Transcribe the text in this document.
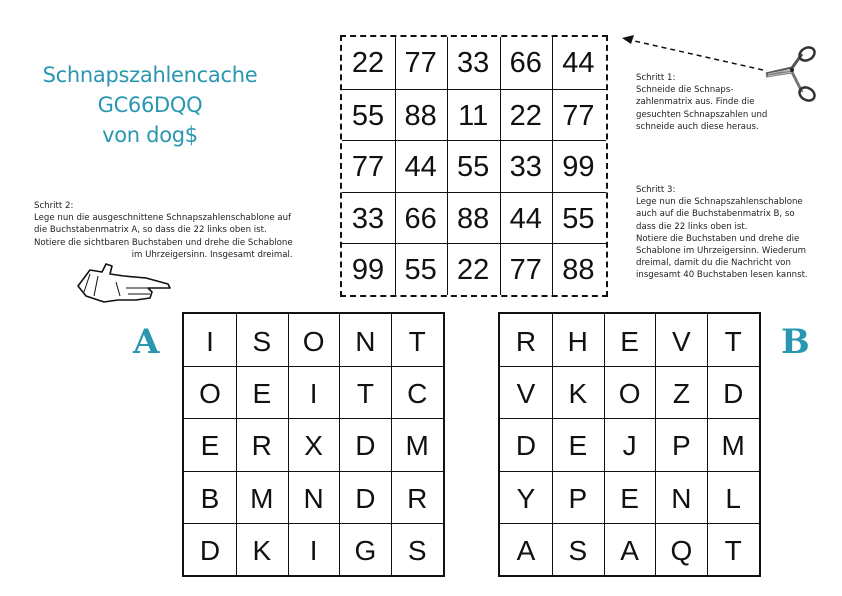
Schnapszahlencache
GC66DQQ
von dog$
Schritt 1:
Schneide die Schnaps-
zahlenmatrix aus. Finde die
gesuchten Schnapszahlen und
schneide auch diese heraus.
Schritt 2:
Lege nun die ausgeschnittene Schnapszahlenschablone auf
die Buchstabenmatrix A, so dass die 22 links oben ist.
Notiere die sichtbaren Buchstaben und drehe die Schablone
im Uhrzeigersinn. Insgesamt dreimal.
Schritt 3:
Lege nun die Schnapszahlenschablone
auch auf die Buchstabenmatrix B, so
dass die 22 links oben ist.
Notiere die Buchstaben und drehe die
Schablone im Uhrzeigersinn. Wiederum
dreimal, damit du die Nachricht von
insgesamt 40 Buchstaben lesen kannst.
22 77 33 66 44
55 88 11 22 77
77 44 55 33 99
33 66 88 44 55
99 55 22 77 88
A	B
I	S	O	N	T
O	E	I	T	C
E	R	X	D	M
B	M	N	D	R
D	K	I	G	S
R	H	E	V	T
V	K	O	Z	D
D	E	J	P	M
Y	P	E	N	L
A	S	A	Q	T
